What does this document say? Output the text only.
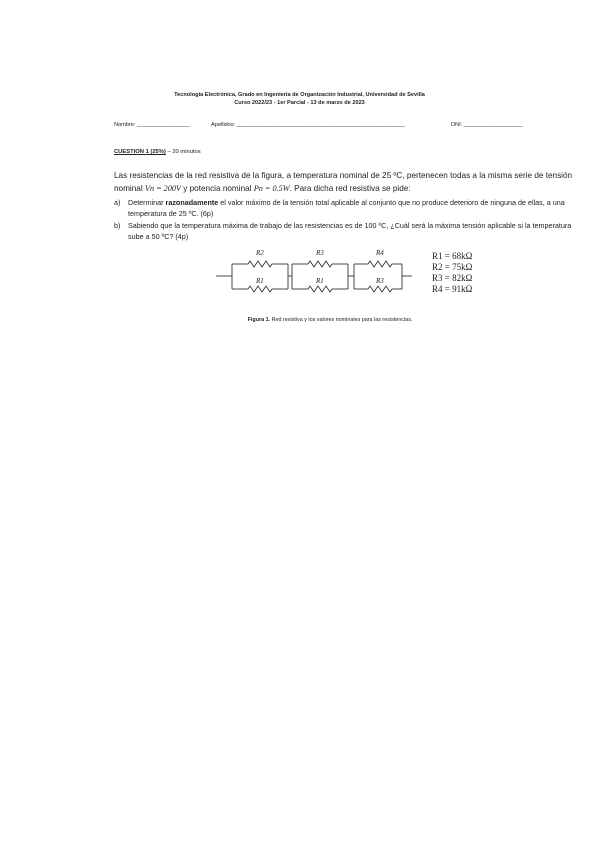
Tecnología Electrónica, Grado en Ingeniería de Organización Industrial, Universidad de Sevilla
Curso 2022/23 - 1er Parcial - 13 de marzo de 2023
Nombre: _________________	Apellidos: ______________________________________________________	DNI: ___________________
CUESTION 1 (25%) – 20 minutos
Las resistencias de la red resistiva de la figura, a temperatura nominal de 25 ºC, pertenecen todas a la misma serie de tensión nominal Vn = 200V y potencia nominal Pn = 0.5W. Para dicha red resistiva se pide:
a) Determinar razonadamente el valor máximo de la tensión total aplicable al conjunto que no produce deterioro de ninguna de ellas, a una temperatura de 25 ºC. (6p)
b) Sabiendo que la temperatura máxima de trabajo de las resistencias es de 100 ºC, ¿Cuál será la máxima tensión aplicable si la temperatura sube a 50 ºC? (4p)
R2
R1
R3
R1
R4
R3
R1 = 68kΩ
R2 = 75kΩ
R3 = 82kΩ
R4 = 91kΩ
Figura 1. Red resistiva y los valores nominales para las resistencias.
